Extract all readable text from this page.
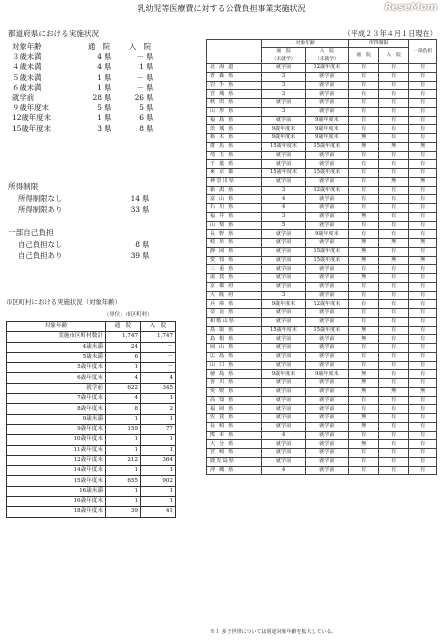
乳幼児等医療費に対する公費負担事業実施状況	ReseMom
（平成２３年４月１日現在）
都道府県における実施状況
対象年齢	通　院	入　院
３歳未満	4 県	－ 県
４歳未満	4 県	1 県
５歳未満	1 県	－ 県
６歳未満	1 県	－ 県
就学前	28 県	26 県
９歳年度末	5 県	5 県
12歳年度末	1 県	6 県
15歳年度末	3 県	8 県
所得制限
所得制限なし	14 県
所得制限あり	33 県
一部自己負担
自己負担なし	8 県
自己負担あり	39 県
市区町村における実施状況（対象年齢）
（単位：市区町村）
対象年齢	通　院	入　院
実施市区町村数計	1,747	1,747
4歳未満	24	－
5歳未満	6	－
5歳年度末	1	－
6歳年度末	4	4
就学前	622	345
7歳年度末	4	1
8歳年度末	8	2
9歳未満	1	1
9歳年度末	159	77
10歳年度末	1	1
11歳年度末	1	1
12歳年度末	212	364
14歳年度末	1	1
15歳年度末	655	902
16歳未満	1	1
16歳年度末	1	1
18歳年度末	39	41
	対象年齢		所得制限		一部負担
	通　院
（未就学）	入　院
（未就学）	通　院	入　院	
北 海 道	就学前	12歳年度末	有	有	有
青 森 県	3	就学前	有	有	有
岩 手 県	3	就学前	有	有	有
宮 城 県	3	就学前	有	有	有
秋 田 県	就学前	就学前	有	有	有
山 形 県	3	就学前	有	有	有
福 島 県	就学前	9歳年度末	有	有	有
茨 城 県	9歳年度末	9歳年度末	有	有	有
栃 木 県	9歳年度末	9歳年度末	無	有	有
群 馬 県	15歳年度末	15歳年度末	無	無	無
埼 玉 県	就学前	就学前	有	有	有
千 葉 県	就学前	就学前	有	有	有
東 京 都	15歳年度末	15歳年度末	有	有	有
神奈川県	就学前	就学前	有	無	無
新 潟 県	3	12歳年度末	有	有	有
富 山 県	4	就学前	有	有	有
石 川 県	4	就学前	有	有	有
福 井 県	3	就学前	無	有	有
山 梨 県	5	就学前	有	有	有
長 野 県	就学前	9歳年度末	有	有	有
岐 阜 県	就学前	就学前	無	無	無
静 岡 県	就学前	15歳年度末	無	有	有
愛 知 県	就学前	15歳年度末	無	無	無
三 重 県	就学前	就学前	有	有	有
滋 賀 県	就学前	就学前	無	有	有
京 都 府	就学前	就学前	有	有	有
大 阪 府	3	就学前	有	有	有
兵 庫 県	9歳年度末	12歳年度末	有	有	有
奈 良 県	就学前	就学前	有	有	有
和歌山県	就学前	就学前	有	有	有
鳥 取 県	15歳年度末	15歳年度末	無	有	有
島 根 県	就学前	就学前	無	有	有
岡 山 県	就学前	就学前	有	有	有
広 島 県	就学前	就学前	有	有	有
山 口 県	就学前	就学前	有	有	有
徳 島 県	9歳年度末	9歳年度末	無	有	有
香 川 県	就学前	就学前	無	有	有
愛 媛 県	就学前	就学前	無	無	無
高 知 県	就学前	就学前	有	有	有
福 岡 県	就学前	就学前	有	有	有
佐 賀 県	就学前	就学前	無	有	有
長 崎 県	就学前	就学前	無	有	有
熊 本 県	4	就学前	有	有	有
大 分 県	就学前	就学前	無	有	有
宮 崎 県	就学前	就学前	有	有	有
鹿児島県	就学前	就学前	有	有	有
沖 縄 県	4	就学前	有	有	有
※１ 多子世帯については別途対象年齢を拡大している。
